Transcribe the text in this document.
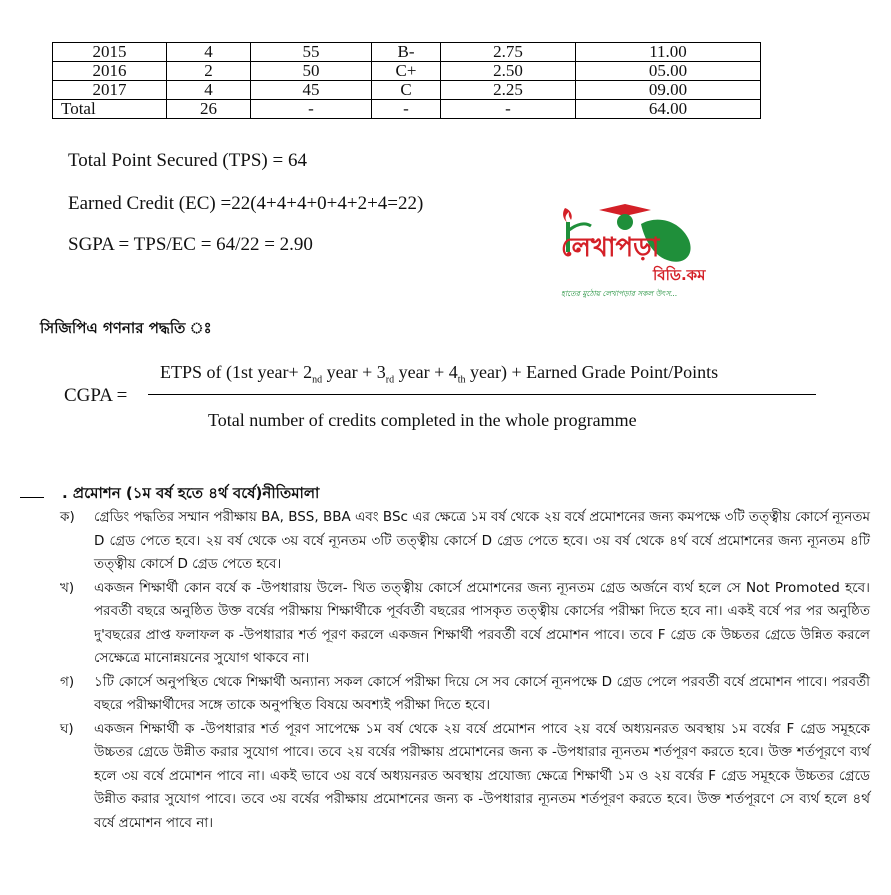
2015	4	55	B-	2.75	11.00
2016	2	50	C+	2.50	05.00
2017	4	45	C	2.25	09.00
Total	26	-	-	-	64.00
Total Point Secured (TPS) = 64
Earned Credit (EC) =22(4+4+4+0+4+2+4=22)
SGPA = TPS/EC = 64/22 = 2.90	লেখাপড়া
বিডি.কম
হাতের মুঠোয় লেখাপড়ার সকল উৎস...
সিজিপিএ গণনার পদ্ধতি ঃ
CGPA =
ETPS of (1st year+ $2_{nd}$ year + $3_{rd}$ year + $4_{th}$ year) + Earned Grade Point/Points
Total number of credits completed in the whole programme
. প্রমোশন (১ম বর্ষ হতে ৪র্থ বর্ষে)নীতিমালা
ক)	গ্রেডিং পদ্ধতির সম্মান পরীক্ষায় BA, BSS, BBA এবং BSc এর ক্ষেত্রে ১ম বর্ষ থেকে ২য় বর্ষে প্রমোশনের জন্য কমপক্ষে ৩টি তত্ত্বীয় কোর্সে ন্যূনতম D গ্রেড পেতে হবে। ২য় বর্ষ থেকে ৩য় বর্ষে ন্যূনতম ৩টি তত্ত্বীয় কোর্সে D গ্রেড পেতে হবে। ৩য় বর্ষ থেকে ৪র্থ বর্ষে প্রমোশনের জন্য ন্যূনতম ৪টি তত্ত্বীয় কোর্সে D গ্রেড পেতে হবে।
খ)	একজন শিক্ষার্থী কোন বর্ষে ক -উপধারায় উলে- খিত তত্ত্বীয় কোর্সে প্রমোশনের জন্য ন্যূনতম গ্রেড অর্জনে ব্যর্থ হলে সে Not Promoted হবে। পরবর্তী বছরে অনুষ্ঠিত উক্ত বর্ষের পরীক্ষায় শিক্ষার্থীকে পূর্ববর্তী বছরের পাসকৃত তত্ত্বীয় কোর্সের পরীক্ষা দিতে হবে না। একই বর্ষে পর পর অনুষ্ঠিত দু'বছরের প্রাপ্ত ফলাফল ক -উপধারার শর্ত পূরণ করলে একজন শিক্ষার্থী পরবর্তী বর্ষে প্রমোশন পাবে। তবে F গ্রেড কে উচ্চতর গ্রেডে উন্নিত করলে সেক্ষেত্রে মানোন্নয়নের সুযোগ থাকবে না।
গ)	১টি কোর্সে অনুপস্থিত থেকে শিক্ষার্থী অন্যান্য সকল কোর্সে পরীক্ষা দিয়ে সে সব কোর্সে ন্যূনপক্ষে D গ্রেড পেলে পরবর্তী বর্ষে প্রমোশন পাবে। পরবর্তী বছরে পরীক্ষার্থীদের সঙ্গে তাকে অনুপস্থিত বিষয়ে অবশ্যই পরীক্ষা দিতে হবে।
ঘ)	একজন শিক্ষার্থী ক -উপধারার শর্ত পূরণ সাপেক্ষে ১ম বর্ষ থেকে ২য় বর্ষে প্রমোশন পাবে ২য় বর্ষে অধ্যয়নরত অবস্থায় ১ম বর্ষের F গ্রেড সমূহকে উচ্চতর গ্রেডে উন্নীত করার সুযোগ পাবে। তবে ২য় বর্ষের পরীক্ষায় প্রমোশনের জন্য ক -উপধারার ন্যূনতম শর্তপূরণ করতে হবে। উক্ত শর্তপূরণে ব্যর্থ হলে ৩য় বর্ষে প্রমোশন পাবে না। একই ভাবে ৩য় বর্ষে অধ্যয়নরত অবস্থায় প্রযোজ্য ক্ষেত্রে শিক্ষার্থী ১ম ও ২য় বর্ষের F গ্রেড সমূহকে উচ্চতর গ্রেডে উন্নীত করার সুযোগ পাবে। তবে ৩য় বর্ষের পরীক্ষায় প্রমোশনের জন্য ক -উপধারার ন্যূনতম শর্তপূরণ করতে হবে। উক্ত শর্তপূরণে সে ব্যর্থ হলে ৪র্থ বর্ষে প্রমোশন পাবে না।
